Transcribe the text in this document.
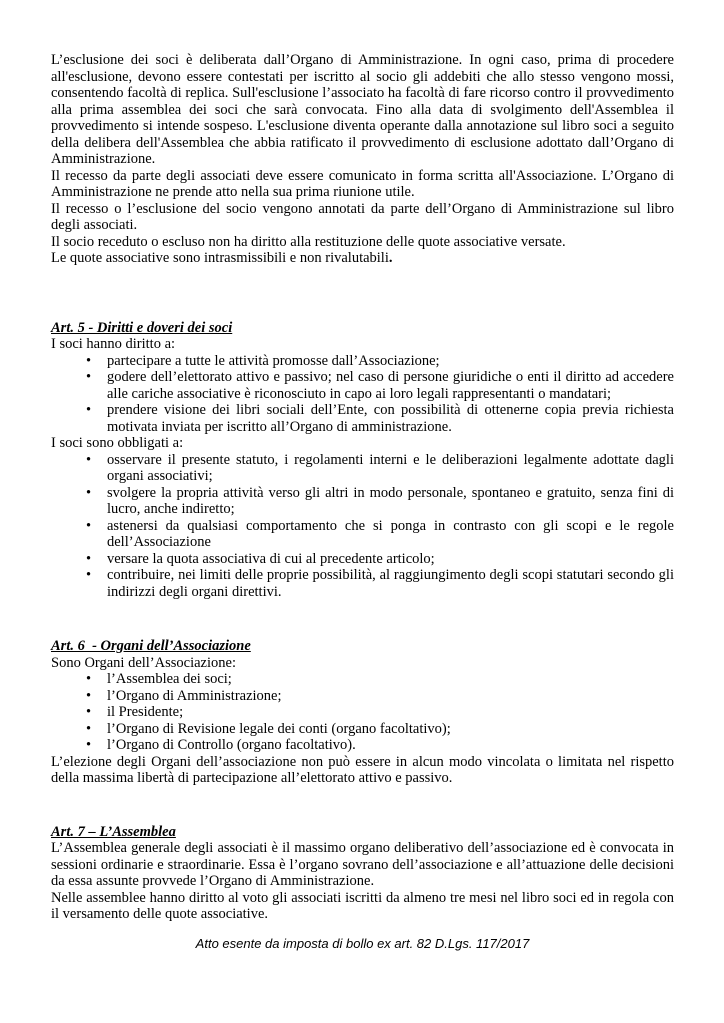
L’esclusione dei soci è deliberata dall’Organo di Amministrazione. In ogni caso, prima di procedere all'esclusione, devono essere contestati per iscritto al socio gli addebiti che allo stesso vengono mossi, consentendo facoltà di replica. Sull'esclusione l’associato ha facoltà di fare ricorso contro il provvedimento alla prima assemblea dei soci che sarà convocata. Fino alla data di svolgimento dell'Assemblea il provvedimento si intende sospeso. L'esclusione diventa operante dalla annotazione sul libro soci a seguito della delibera dell'Assemblea che abbia ratificato il provvedimento di esclusione adottato dall’Organo di Amministrazione.

Il recesso da parte degli associati deve essere comunicato in forma scritta all'Associazione. L’Organo di Amministrazione ne prende atto nella sua prima riunione utile.

Il recesso o l’esclusione del socio vengono annotati da parte dell’Organo di Amministrazione sul libro degli associati.

Il socio receduto o escluso non ha diritto alla restituzione delle quote associative versate.

Le quote associative sono intrasmissibili e non rivalutabili.

Art. 5 - Diritti e doveri dei soci

I soci hanno diritto a:

• partecipare a tutte le attività promosse dall’Associazione;
• godere dell’elettorato attivo e passivo; nel caso di persone giuridiche o enti il diritto ad accedere alle cariche associative è riconosciuto in capo ai loro legali rappresentanti o mandatari;
• prendere visione dei libri sociali dell’Ente, con possibilità di ottenerne copia previa richiesta motivata inviata per iscritto all’Organo di amministrazione.

I soci sono obbligati a:

• osservare il presente statuto, i regolamenti interni e le deliberazioni legalmente adottate dagli organi associativi;
• svolgere la propria attività verso gli altri in modo personale, spontaneo e gratuito, senza fini di lucro, anche indiretto;
• astenersi da qualsiasi comportamento che si ponga in contrasto con gli scopi e le regole dell’Associazione
• versare la quota associativa di cui al precedente articolo;
• contribuire, nei limiti delle proprie possibilità, al raggiungimento degli scopi statutari secondo gli indirizzi degli organi direttivi.

Art. 6  - Organi dell’Associazione

Sono Organi dell’Associazione:

• l’Assemblea dei soci;
• l’Organo di Amministrazione;
• il Presidente;
• l’Organo di Revisione legale dei conti (organo facoltativo);
• l’Organo di Controllo (organo facoltativo).

L’elezione degli Organi dell’associazione non può essere in alcun modo vincolata o limitata nel rispetto della massima libertà di partecipazione all’elettorato attivo e passivo.

Art. 7 – L’Assemblea

L’Assemblea generale degli associati è il massimo organo deliberativo dell’associazione ed è convocata in sessioni ordinarie e straordinarie. Essa è l’organo sovrano dell’associazione e all’attuazione delle decisioni da essa assunte provvede l’Organo di Amministrazione.

Nelle assemblee hanno diritto al voto gli associati iscritti da almeno tre mesi nel libro soci ed in regola con il versamento delle quote associative.

Atto esente da imposta di bollo ex art. 82 D.Lgs. 117/2017
